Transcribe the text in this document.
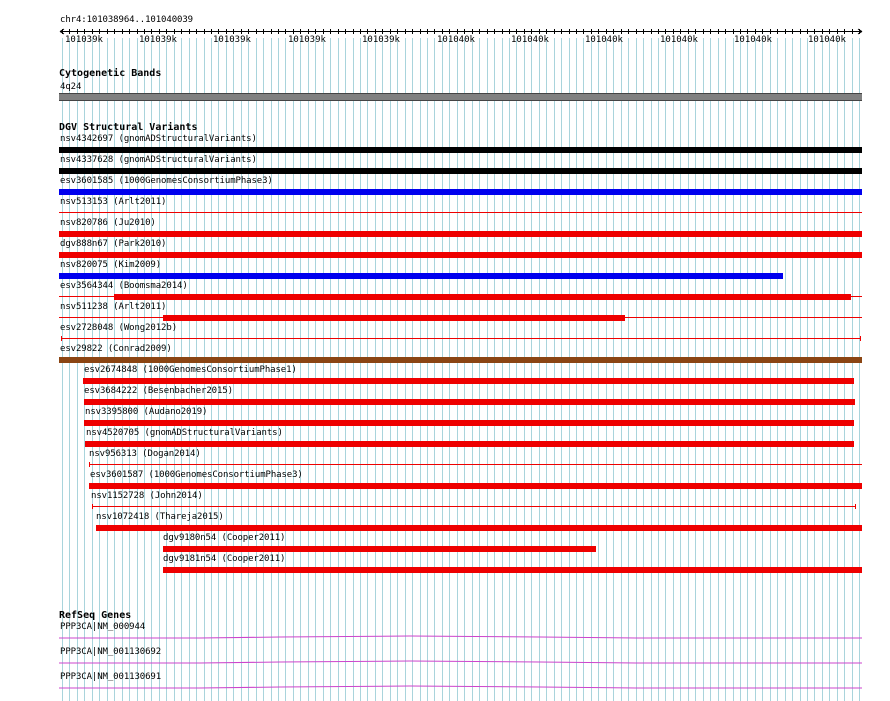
chr4:101038964..101040039
101039k	101039k	101039k	101039k	101039k	101040k	101040k	101040k	101040k	101040k	101040k
Cytogenetic Bands
4q24
DGV Structural Variants
nsv4342697 (gnomADStructuralVariants)
nsv4337628 (gnomADStructuralVariants)
esv3601585 (1000GenomesConsortiumPhase3)
nsv513153 (Arlt2011)
nsv820786 (Ju2010)
dgv888n67 (Park2010)
nsv820075 (Kim2009)
esv3564344 (Boomsma2014)
nsv511238 (Arlt2011)
esv2728048 (Wong2012b)
esv29822 (Conrad2009)
esv2674848 (1000GenomesConsortiumPhase1)
esv3684222 (Besenbacher2015)
nsv3395800 (Audano2019)
nsv4520705 (gnomADStructuralVariants)
nsv956313 (Dogan2014)
esv3601587 (1000GenomesConsortiumPhase3)
nsv1152728 (John2014)
nsv1072418 (Thareja2015)
dgv9180n54 (Cooper2011)
dgv9181n54 (Cooper2011)
RefSeq Genes
PPP3CA|NM_000944
PPP3CA|NM_001130692
PPP3CA|NM_001130691
